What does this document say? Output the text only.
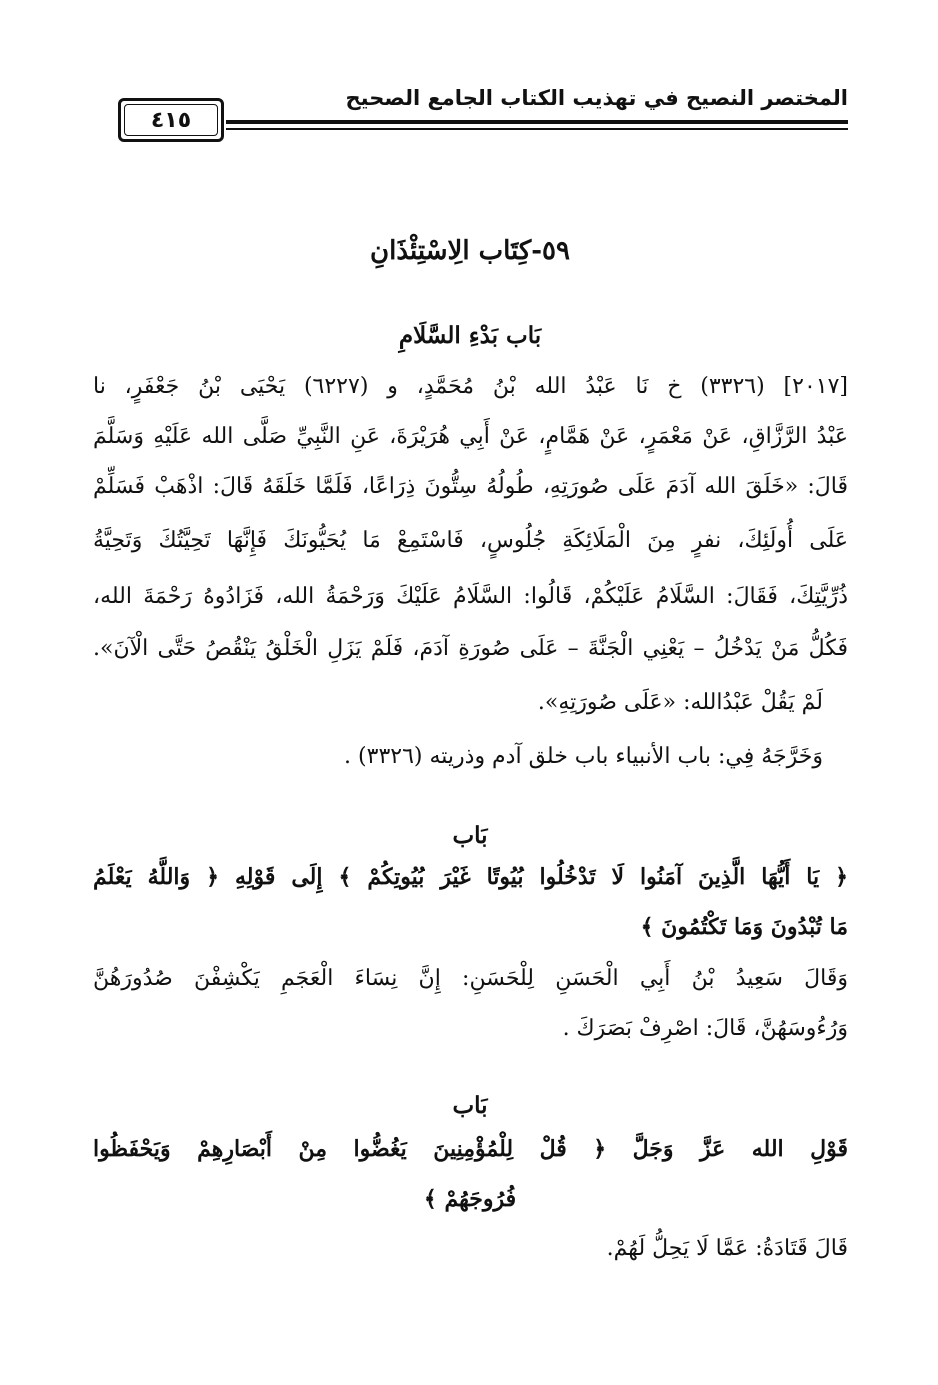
المختصر النصيح في تهذيب الكتاب الجامع الصحيح
٤١٥
٥٩-كِتَاب الِاسْتِئْذَانِ
بَاب بَدْءِ السَّلَامِ
[٢٠١٧] (٣٣٢٦) خ نَا عَبْدُ الله بْنُ مُحَمَّدٍ، و (٦٢٢٧) يَحْيَى بْنُ جَعْفَرٍ، نا
عَبْدُ الرَّزَّاقِ، عَنْ مَعْمَرٍ، عَنْ هَمَّامٍ، عَنْ أَبِي هُرَيْرَةَ، عَنِ النَّبِيِّ صَلَّى الله عَلَيْهِ وَسَلَّمَ
قَالَ: «خَلَقَ الله آدَمَ عَلَى صُورَتِهِ، طُولُهُ سِتُّونَ ذِرَاعًا، فَلَمَّا خَلَقَهُ قَالَ: اذْهَبْ فَسَلِّمْ
عَلَى أُولَئِكَ، نفرٍ مِنَ الْمَلَائِكَةِ جُلُوسٍ، فَاسْتَمِعْ مَا يُحَيُّونَكَ فَإِنَّهَا تَحِيَّتُكَ وَتَحِيَّةُ
ذُرِّيَّتِكَ، فَقَالَ: السَّلَامُ عَلَيْكُمْ، قَالُوا: السَّلَامُ عَلَيْكَ وَرَحْمَةُ الله، فَزَادُوهُ رَحْمَةَ الله،
فَكُلُّ مَنْ يَدْخُلُ – يَعْنِي الْجَنَّةَ – عَلَى صُورَةِ آدَمَ، فَلَمْ يَزَلِ الْخَلْقُ يَنْقُصُ حَتَّى الْآنَ».
لَمْ يَقُلْ عَبْدُالله: «عَلَى صُورَتِهِ».
وَخَرَّجَهُ فِي: باب الأنبياء باب خلق آدم وذريته (٣٣٢٦) .
بَاب
﴿ يَا أَيُّهَا الَّذِينَ آمَنُوا لَا تَدْخُلُوا بُيُوتًا غَيْرَ بُيُوتِكُمْ ﴾ إِلَى قَوْلِهِ ﴿ وَاللَّهُ يَعْلَمُ
مَا تُبْدُونَ وَمَا تَكْتُمُونَ ﴾
وَقَالَ سَعِيدُ بْنُ أَبِي الْحَسَنِ لِلْحَسَنِ: إِنَّ نِسَاءَ الْعَجَمِ يَكْشِفْنَ صُدُورَهُنَّ
وَرُءُوسَهُنَّ، قَالَ: اصْرِفْ بَصَرَكَ .
بَاب
قَوْلِ الله عَزَّ وَجَلَّ ﴿ قُلْ لِلْمُؤْمِنِينَ يَغُضُّوا مِنْ أَبْصَارِهِمْ وَيَحْفَظُوا
فُرُوجَهُمْ ﴾
قَالَ قَتَادَةُ: عَمَّا لَا يَحِلُّ لَهُمْ.
